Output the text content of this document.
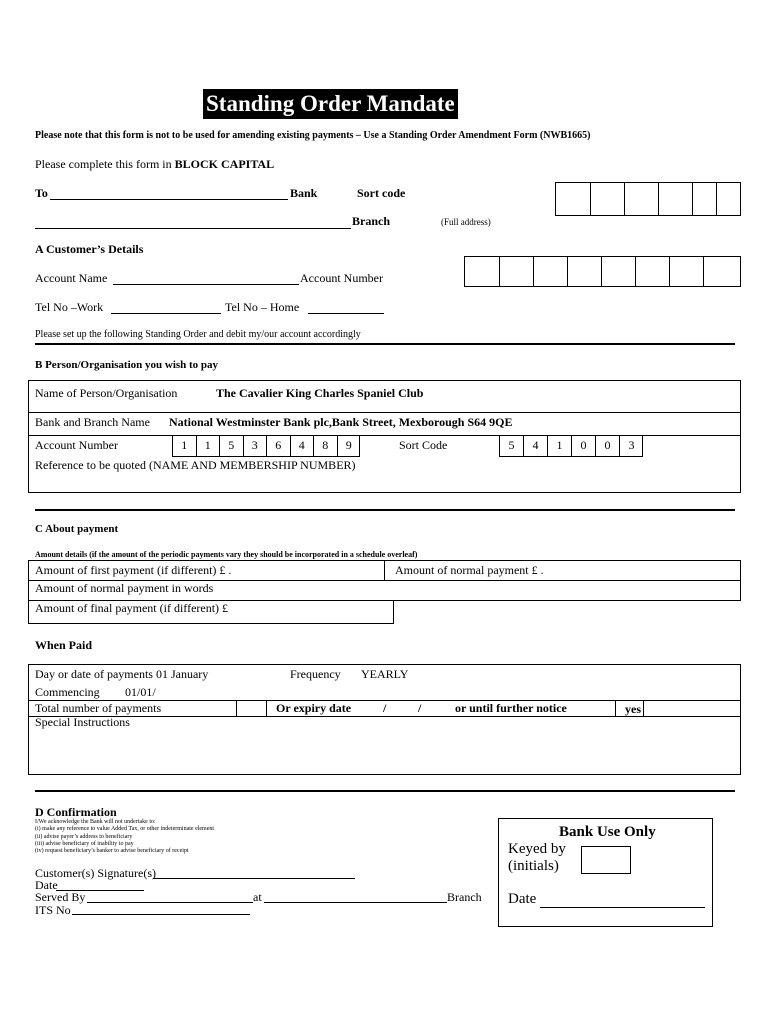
Standing Order Mandate
Please note that this form is not to be used for amending existing payments – Use a Standing Order Amendment Form (NWB1665)
Please complete this form in BLOCK CAPITAL
To	Bank	Sort code
Branch	(Full address)
A Customer’s Details
Account Name	Account Number
Tel No –Work	Tel No – Home
Please set up the following Standing Order and debit my/our account accordingly
B Person/Organisation you wish to pay
Name of Person/Organisation	The Cavalier King Charles Spaniel Club
Bank and Branch Name National Westminster Bank plc,Bank Street, Mexborough S64 9QE
Account Number	1	1	5	3	6	4	8	9	Sort Code	5	4	1	0	0	3
Reference to be quoted (NAME AND MEMBERSHIP NUMBER)
C About payment
Amount details (if the amount of the periodic payments vary they should be incorporated in a schedule overleaf)
Amount of first payment (if different) £ .	Amount of normal payment £ .
Amount of normal payment in words
Amount of final payment (if different) £
When Paid
Day or date of payments 01 January	Frequency YEARLY
Commencing 01/01/
Total number of payments	Or expiry date	/	/	or until further notice	yes
Special Instructions
D Confirmation
I/We acknowledge the Bank will not undertake to:
(i) make any reference to value Added Tax, or other indeterminate element
(ii) advise payer’s address to beneficiary
(iii) advise beneficiary of inability to pay
(iv) request beneficiary’s banker to advise beneficiary of receipt
Customer(s) Signature(s)
Date
Served By	at	Branch
ITS No
Bank Use Only
Keyed by
(initials)
Date
